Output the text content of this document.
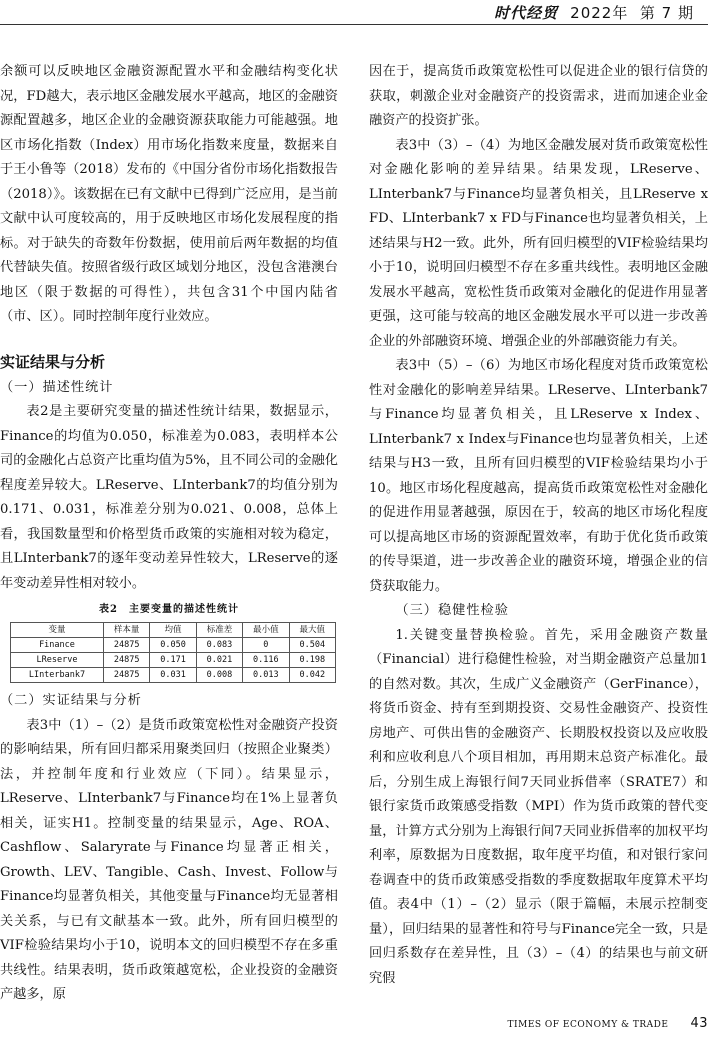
时代经贸 2022年 第 7 期

余额可以反映地区金融资源配置水平和金融结构变化状况，FD越大，表示地区金融发展水平越高，地区的金融资源配置越多，地区企业的金融资源获取能力可能越强。地区市场化指数（Index）用市场化指数来度量，数据来自于王小鲁等（2018）发布的《中国分省份市场化指数报告（2018）》。该数据在已有文献中已得到广泛应用，是当前文献中认可度较高的，用于反映地区市场化发展程度的指标。对于缺失的奇数年份数据，使用前后两年数据的均值代替缺失值。按照省级行政区域划分地区，没包含港澳台地区（限于数据的可得性），共包含31个中国内陆省（市、区）。同时控制年度行业效应。

实证结果与分析

（一）描述性统计

表2是主要研究变量的描述性统计结果，数据显示，Finance的均值为0.050，标准差为0.083，表明样本公司的金融化占总资产比重均值为5%，且不同公司的金融化程度差异较大。LReserve、LInterbank7的均值分别为0.171、0.031，标准差分别为0.021、0.008，总体上看，我国数量型和价格型货币政策的实施相对较为稳定，且LInterbank7的逐年变动差异性较大，LReserve的逐年变动差异性相对较小。

表2　主要变量的描述性统计
变量	样本量	均值	标准差	最小值	最大值
Finance	24875	0.050	0.083	0	0.504
LReserve	24875	0.171	0.021	0.116	0.198
LInterbank7	24875	0.031	0.008	0.013	0.042

（二）实证结果与分析

表3中（1）–（2）是货币政策宽松性对金融资产投资的影响结果，所有回归都采用聚类回归（按照企业聚类）法，并控制年度和行业效应（下同）。结果显示，LReserve、LInterbank7与Finance均在1%上显著负相关，证实H1。控制变量的结果显示，Age、ROA、Cashflow、Salaryrate与Finance均显著正相关，Growth、LEV、Tangible、Cash、Invest、Follow与Finance均显著负相关，其他变量与Finance均无显著相关关系，与已有文献基本一致。此外，所有回归模型的VIF检验结果均小于10，说明本文的回归模型不存在多重共线性。结果表明，货币政策越宽松，企业投资的金融资产越多，原

因在于，提高货币政策宽松性可以促进企业的银行信贷的获取，刺激企业对金融资产的投资需求，进而加速企业金融资产的投资扩张。

表3中（3）–（4）为地区金融发展对货币政策宽松性对金融化影响的差异结果。结果发现，LReserve、LInterbank7与Finance均显著负相关，且LReserve x FD、LInterbank7 x FD与Finance也均显著负相关，上述结果与H2一致。此外，所有回归模型的VIF检验结果均小于10，说明回归模型不存在多重共线性。表明地区金融发展水平越高，宽松性货币政策对金融化的促进作用显著更强，这可能与较高的地区金融发展水平可以进一步改善企业的外部融资环境、增强企业的外部融资能力有关。

表3中（5）–（6）为地区市场化程度对货币政策宽松性对金融化的影响差异结果。LReserve、LInterbank7与Finance均显著负相关，且LReserve x Index、LInterbank7 x Index与Finance也均显著负相关，上述结果与H3一致，且所有回归模型的VIF检验结果均小于10。地区市场化程度越高，提高货币政策宽松性对金融化的促进作用显著越强，原因在于，较高的地区市场化程度可以提高地区市场的资源配置效率，有助于优化货币政策的传导渠道，进一步改善企业的融资环境，增强企业的信贷获取能力。

（三）稳健性检验

1.关键变量替换检验。首先，采用金融资产数量（Financial）进行稳健性检验，对当期金融资产总量加1的自然对数。其次，生成广义金融资产（GerFinance），将货币资金、持有至到期投资、交易性金融资产、投资性房地产、可供出售的金融资产、长期股权投资以及应收股利和应收利息八个项目相加，再用期末总资产标准化。最后，分别生成上海银行间7天同业拆借率（SRATE7）和银行家货币政策感受指数（MPI）作为货币政策的替代变量，计算方式分别为上海银行间7天同业拆借率的加权平均利率，原数据为日度数据，取年度平均值，和对银行家问卷调查中的货币政策感受指数的季度数据取年度算术平均值。表4中（1）–（2）显示（限于篇幅，未展示控制变量），回归结果的显著性和符号与Finance完全一致，只是回归系数存在差异性，且（3）–（4）的结果也与前文研究假

TIMES OF ECONOMY & TRADE 43
